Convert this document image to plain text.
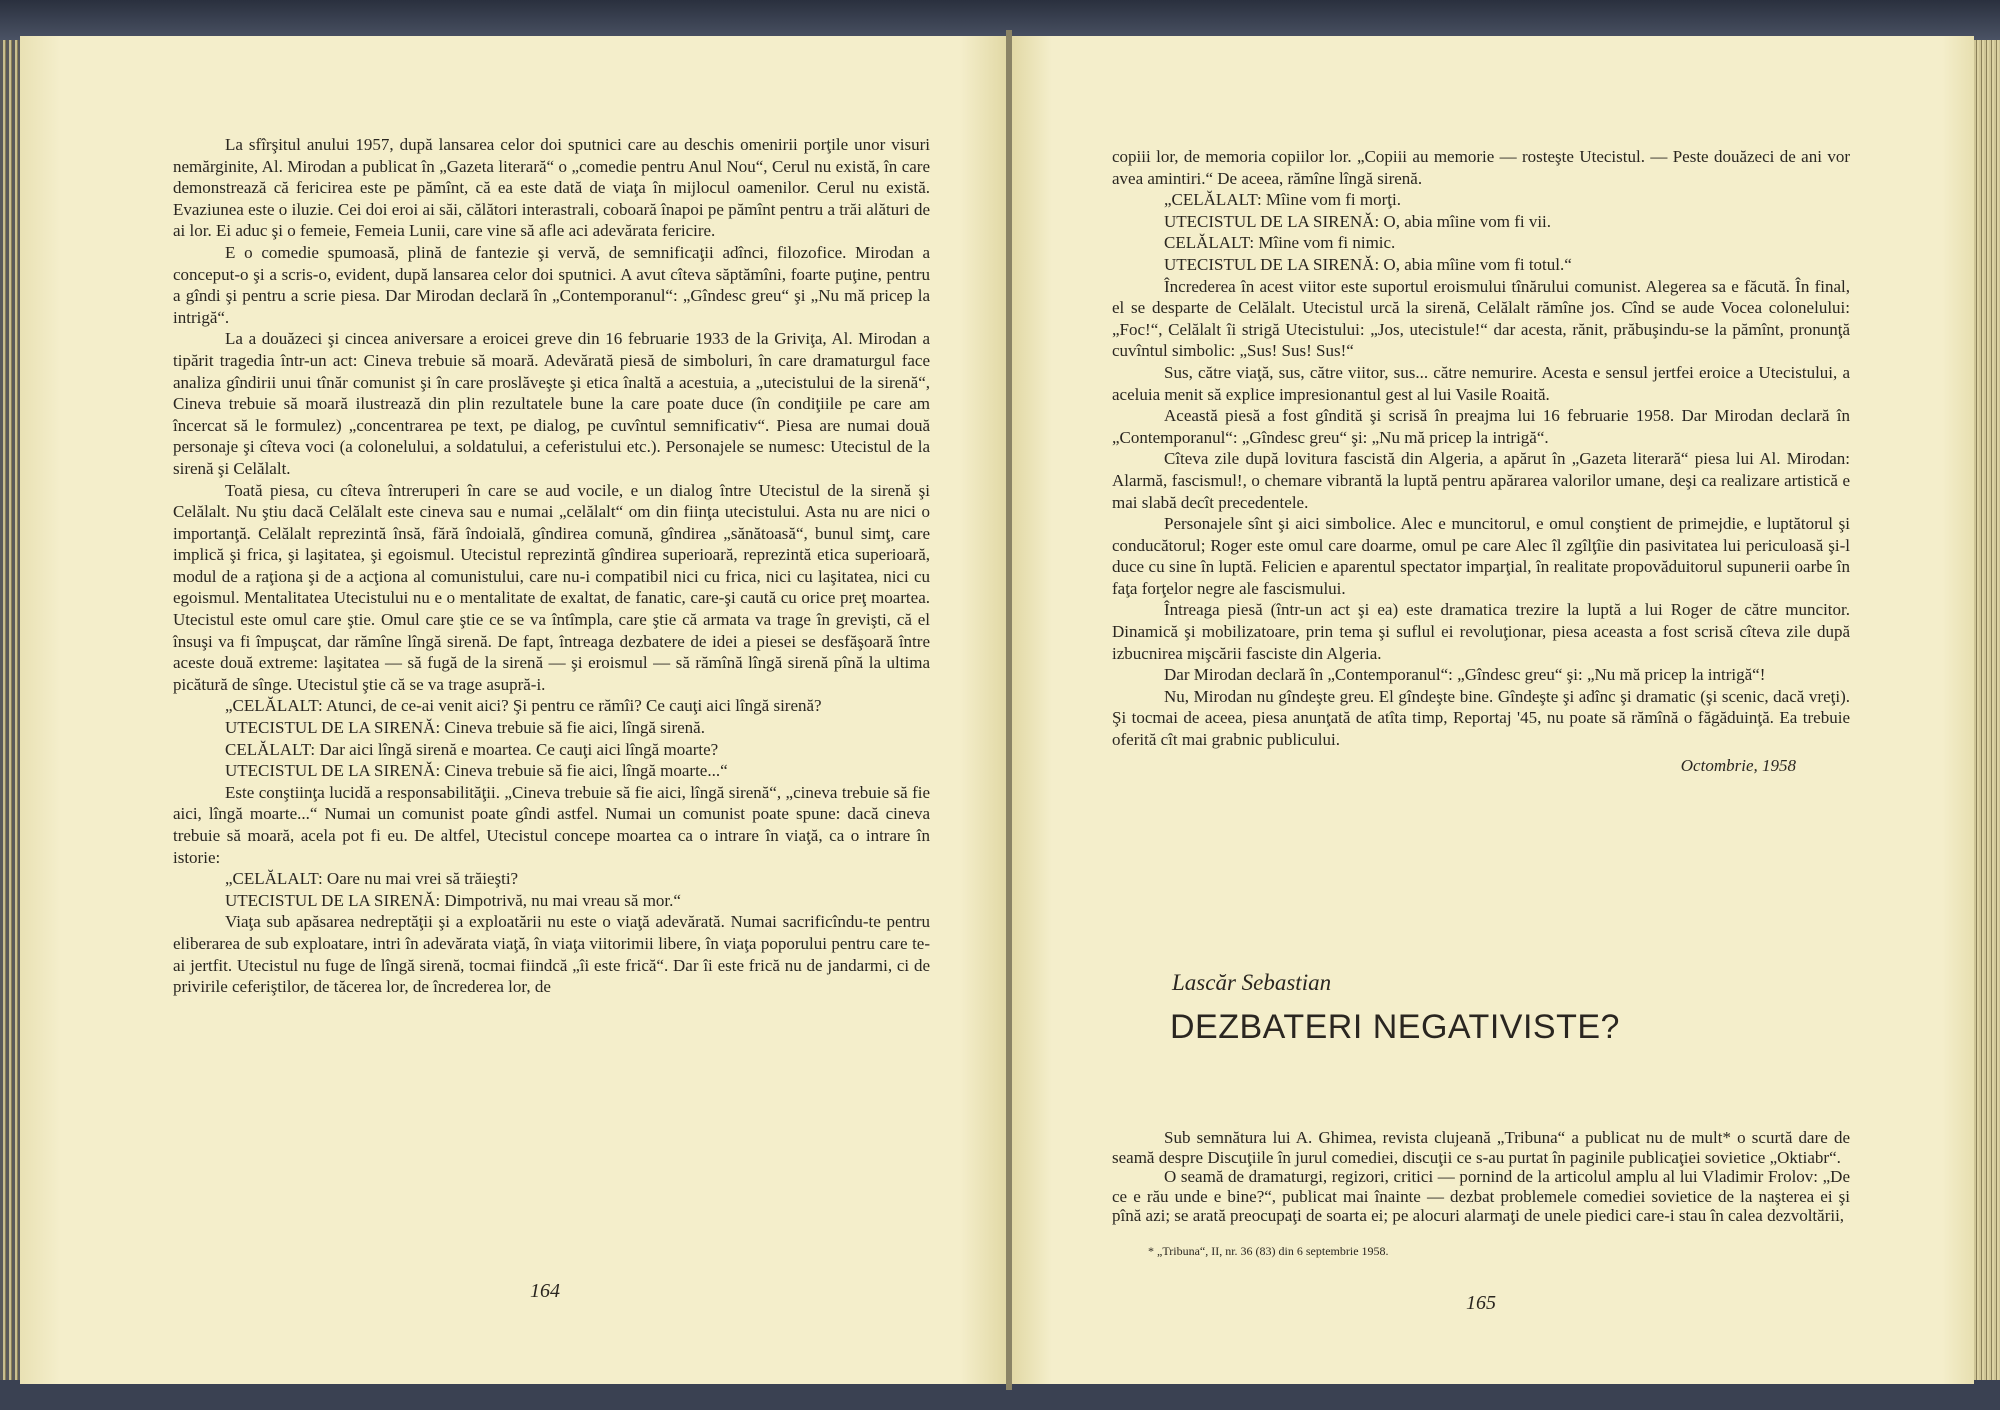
La sfîrşitul anului 1957, după lansarea celor doi sputnici care au deschis omenirii porţile unor visuri nemărginite, Al. Mirodan a publicat în „Gazeta literară“ o „comedie pentru Anul Nou“, Cerul nu există, în care demonstrează că fericirea este pe pămînt, că ea este dată de viaţa în mijlocul oamenilor. Cerul nu există. Evaziunea este o iluzie. Cei doi eroi ai săi, călători interastrali, coboară înapoi pe pămînt pentru a trăi alături de ai lor. Ei aduc şi o femeie, Femeia Lunii, care vine să afle aci adevărata fericire.

E o comedie spumoasă, plină de fantezie şi vervă, de semnificaţii adînci, filozofice. Mirodan a conceput-o şi a scris-o, evident, după lansarea celor doi sputnici. A avut cîteva săptămîni, foarte puţine, pentru a gîndi şi pentru a scrie piesa. Dar Mirodan declară în „Contemporanul“: „Gîndesc greu“ şi „Nu mă pricep la intrigă“.

La a douăzeci şi cincea aniversare a eroicei greve din 16 februarie 1933 de la Griviţa, Al. Mirodan a tipărit tragedia într-un act: Cineva trebuie să moară. Adevărată piesă de simboluri, în care dramaturgul face analiza gîndirii unui tînăr comunist şi în care proslăveşte şi etica înaltă a acestuia, a „utecistului de la sirenă“, Cineva trebuie să moară ilustrează din plin rezultatele bune la care poate duce (în condiţiile pe care am încercat să le formulez) „concentrarea pe text, pe dialog, pe cuvîntul semnificativ“. Piesa are numai două personaje şi cîteva voci (a colonelului, a soldatului, a ceferistului etc.). Personajele se numesc: Utecistul de la sirenă şi Celălalt.

Toată piesa, cu cîteva întreruperi în care se aud vocile, e un dialog între Utecistul de la sirenă şi Celălalt. Nu ştiu dacă Celălalt este cineva sau e numai „celălalt“ om din fiinţa utecistului. Asta nu are nici o importanţă. Celălalt reprezintă însă, fără îndoială, gîndirea comună, gîndirea „sănătoasă“, bunul simţ, care implică şi frica, şi laşitatea, şi egoismul. Utecistul reprezintă gîndirea superioară, reprezintă etica superioară, modul de a raţiona şi de a acţiona al comunistului, care nu-i compatibil nici cu frica, nici cu laşitatea, nici cu egoismul. Mentalitatea Utecistului nu e o mentalitate de exaltat, de fanatic, care-şi caută cu orice preţ moartea. Utecistul este omul care ştie. Omul care ştie ce se va întîmpla, care ştie că armata va trage în grevişti, că el însuşi va fi împuşcat, dar rămîne lîngă sirenă. De fapt, întreaga dezbatere de idei a piesei se desfăşoară între aceste două extreme: laşitatea — să fugă de la sirenă — şi eroismul — să rămînă lîngă sirenă pînă la ultima picătură de sînge. Utecistul ştie că se va trage asupră-i.

„CELĂLALT: Atunci, de ce-ai venit aici? Şi pentru ce rămîi? Ce cauţi aici lîngă sirenă?

UTECISTUL DE LA SIRENĂ: Cineva trebuie să fie aici, lîngă sirenă.

CELĂLALT: Dar aici lîngă sirenă e moartea. Ce cauţi aici lîngă moarte?

UTECISTUL DE LA SIRENĂ: Cineva trebuie să fie aici, lîngă moarte...“

Este conştiinţa lucidă a responsabilităţii. „Cineva trebuie să fie aici, lîngă sirenă“, „cineva trebuie să fie aici, lîngă moarte...“ Numai un comunist poate gîndi astfel. Numai un comunist poate spune: dacă cineva trebuie să moară, acela pot fi eu. De altfel, Utecistul concepe moartea ca o intrare în viaţă, ca o intrare în istorie:

„CELĂLALT: Oare nu mai vrei să trăieşti?

UTECISTUL DE LA SIRENĂ: Dimpotrivă, nu mai vreau să mor.“

Viaţa sub apăsarea nedreptăţii şi a exploatării nu este o viaţă adevărată. Numai sacrificîndu-te pentru eliberarea de sub exploatare, intri în adevărata viaţă, în viaţa viitorimii libere, în viaţa poporului pentru care te-ai jertfit. Utecistul nu fuge de lîngă sirenă, tocmai fiindcă „îi este frică“. Dar îi este frică nu de jandarmi, ci de privirile ceferiştilor, de tăcerea lor, de încrederea lor, de

164

copiii lor, de memoria copiilor lor. „Copiii au memorie — rosteşte Utecistul. — Peste douăzeci de ani vor avea amintiri.“ De aceea, rămîne lîngă sirenă.

„CELĂLALT: Mîine vom fi morţi.

UTECISTUL DE LA SIRENĂ: O, abia mîine vom fi vii.

CELĂLALT: Mîine vom fi nimic.

UTECISTUL DE LA SIRENĂ: O, abia mîine vom fi totul.“

Încrederea în acest viitor este suportul eroismului tînărului comunist. Alegerea sa e făcută. În final, el se desparte de Celălalt. Utecistul urcă la sirenă, Celălalt rămîne jos. Cînd se aude Vocea colonelului: „Foc!“, Celălalt îi strigă Utecistului: „Jos, utecistule!“ dar acesta, rănit, prăbuşindu-se la pămînt, pronunţă cuvîntul simbolic: „Sus! Sus! Sus!“

Sus, către viaţă, sus, către viitor, sus... către nemurire. Acesta e sensul jertfei eroice a Utecistului, a aceluia menit să explice impresionantul gest al lui Vasile Roaită.

Această piesă a fost gîndită şi scrisă în preajma lui 16 februarie 1958. Dar Mirodan declară în „Contemporanul“: „Gîndesc greu“ şi: „Nu mă pricep la intrigă“.

Cîteva zile după lovitura fascistă din Algeria, a apărut în „Gazeta literară“ piesa lui Al. Mirodan: Alarmă, fascismul!, o chemare vibrantă la luptă pentru apărarea valorilor umane, deşi ca realizare artistică e mai slabă decît precedentele.

Personajele sînt şi aici simbolice. Alec e muncitorul, e omul conştient de primejdie, e luptătorul şi conducătorul; Roger este omul care doarme, omul pe care Alec îl zgîlţîie din pasivitatea lui periculoasă şi-l duce cu sine în luptă. Felicien e aparentul spectator imparţial, în realitate propovăduitorul supunerii oarbe în faţa forţelor negre ale fascismului.

Întreaga piesă (într-un act şi ea) este dramatica trezire la luptă a lui Roger de către muncitor. Dinamică şi mobilizatoare, prin tema şi suflul ei revoluţionar, piesa aceasta a fost scrisă cîteva zile după izbucnirea mişcării fasciste din Algeria.

Dar Mirodan declară în „Contemporanul“: „Gîndesc greu“ şi: „Nu mă pricep la intrigă“!

Nu, Mirodan nu gîndeşte greu. El gîndeşte bine. Gîndeşte şi adînc şi dramatic (şi scenic, dacă vreţi). Şi tocmai de aceea, piesa anunţată de atîta timp, Reportaj '45, nu poate să rămînă o făgăduinţă. Ea trebuie oferită cît mai grabnic publicului.

Octombrie, 1958
Lascăr Sebastian
DEZBATERI NEGATIVISTE?

Sub semnătura lui A. Ghimea, revista clujeană „Tribuna“ a publicat nu de mult* o scurtă dare de seamă despre Discuţiile în jurul comediei, discuţii ce s-au purtat în paginile publicaţiei sovietice „Oktiabr“.

O seamă de dramaturgi, regizori, critici — pornind de la articolul amplu al lui Vladimir Frolov: „De ce e rău unde e bine?“, publicat mai înainte — dezbat problemele comediei sovietice de la naşterea ei şi pînă azi; se arată preocupaţi de soarta ei; pe alocuri alarmaţi de unele piedici care-i stau în calea dezvoltării,

* „Tribuna“, II, nr. 36 (83) din 6 septembrie 1958.
165
